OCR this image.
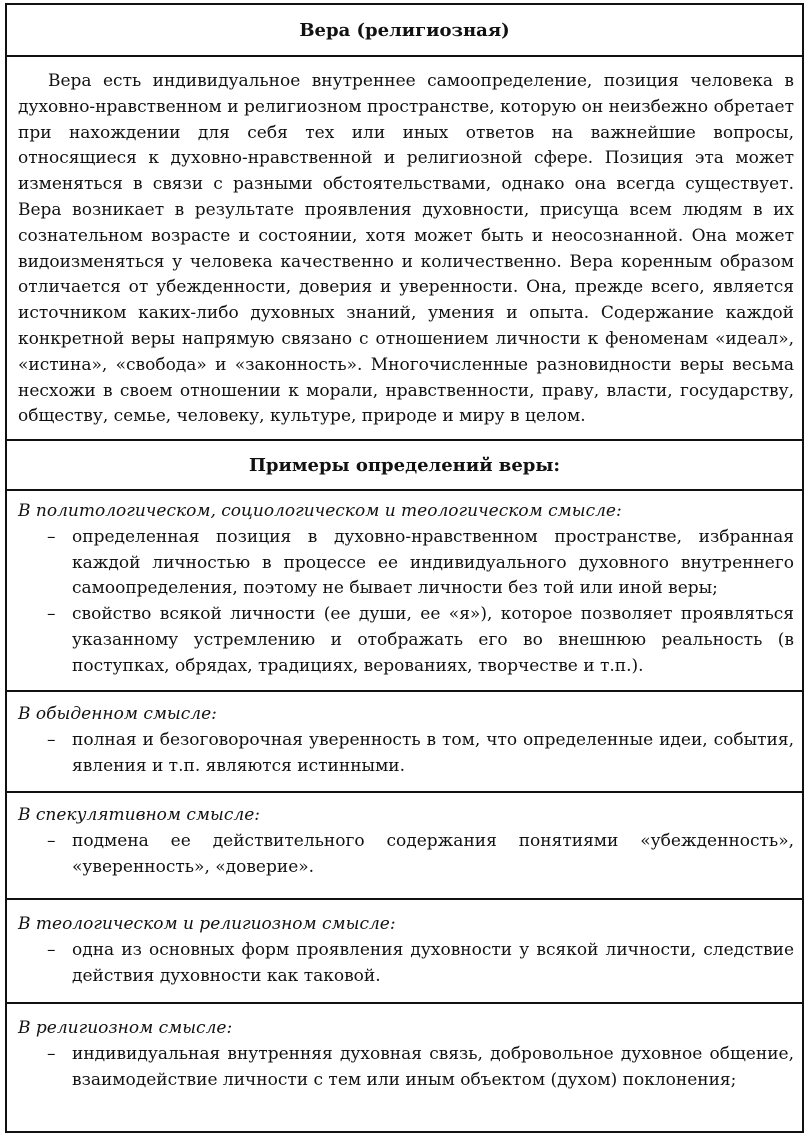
Вера (религиозная)

Вера есть индивидуальное внутреннее самоопределение, позиция человека в духовно-нравственном и религиозном пространстве, которую он неизбежно обретает при нахождении для себя тех или иных ответов на важнейшие вопросы, относящиеся к духовно-нравственной и религиозной сфере. Позиция эта может изменяться в связи с разными обстоятельствами, однако она всегда существует. Вера возникает в результате проявления духовности, присуща всем людям в их сознательном возрасте и состоянии, хотя может быть и неосознанной. Она может видоизменяться у человека качественно и количественно. Вера коренным образом отличается от убежденности, доверия и уверенности. Она, прежде всего, является источником каких-либо духовных знаний, умения и опыта. Содержание каждой конкретной веры напрямую связано с отношением личности к феноменам «идеал», «истина», «свобода» и «законность». Многочисленные разновидности веры весьма несхожи в своем отношении к морали, нравственности, праву, власти, государству, обществу, семье, человеку, культуре, природе и миру в целом.

Примеры определений веры:

В политологическом, социологическом и теологическом смысле:

– определенная позиция в духовно-нравственном пространстве, избранная каждой личностью в процессе ее индивидуального духовного внутреннего самоопределения, поэтому не бывает личности без той или иной веры;
– свойство всякой личности (ее души, ее «я»), которое позволяет проявляться указанному устремлению и отображать его во внешнюю реальность (в поступках, обрядах, традициях, верованиях, творчестве и т.п.).

В обыденном смысле:

– полная и безоговорочная уверенность в том, что определенные идеи, события, явления и т.п. являются истинными.

В спекулятивном смысле:

– подмена ее действительного содержания понятиями «убежденность», «уверенность», «доверие».

В теологическом и религиозном смысле:

– одна из основных форм проявления духовности у всякой личности, следствие действия духовности как таковой.

В религиозном смысле:

– индивидуальная внутренняя духовная связь, добровольное духовное общение, взаимодействие личности с тем или иным объектом (духом) поклонения;
